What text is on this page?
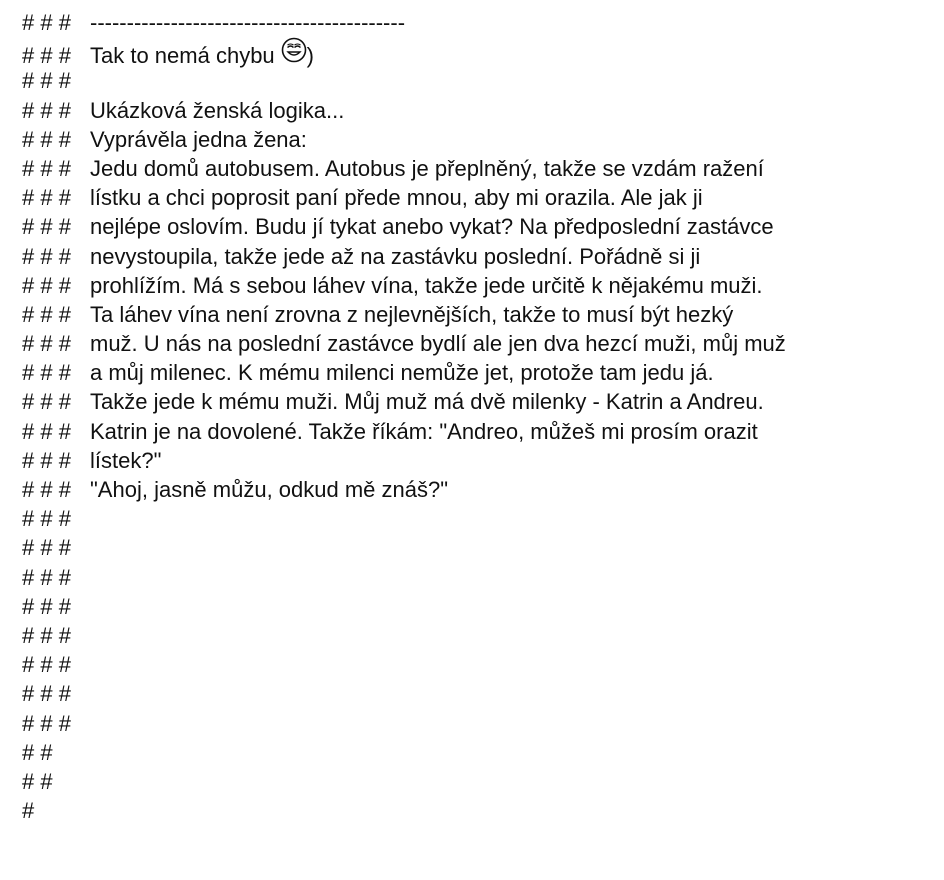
# # # -------------------------------------------
# # # Tak to nemá chybu )
# # #
# # # Ukázková ženská logika...
# # # Vyprávěla jedna žena:
# # # Jedu domů autobusem. Autobus je přeplněný, takže se vzdám ražení
# # # lístku a chci poprosit paní přede mnou, aby mi orazila. Ale jak ji
# # # nejlépe oslovím. Budu jí tykat anebo vykat? Na předposlední zastávce
# # # nevystoupila, takže jede až na zastávku poslední. Pořádně si ji
# # # prohlížím. Má s sebou láhev vína, takže jede určitě k nějakému muži.
# # # Ta láhev vína není zrovna z nejlevnějších, takže to musí být hezký
# # # muž. U nás na poslední zastávce bydlí ale jen dva hezcí muži, můj muž
# # # a můj milenec. K mému milenci nemůže jet, protože tam jedu já.
# # # Takže jede k mému muži. Můj muž má dvě milenky - Katrin a Andreu.
# # # Katrin je na dovolené. Takže říkám: "Andreo, můžeš mi prosím orazit
# # # lístek?"
# # # "Ahoj, jasně můžu, odkud mě znáš?"
# # #
# # #
# # #
# # #
# # #
# # #
# # #
# # #
# #
# #
#
